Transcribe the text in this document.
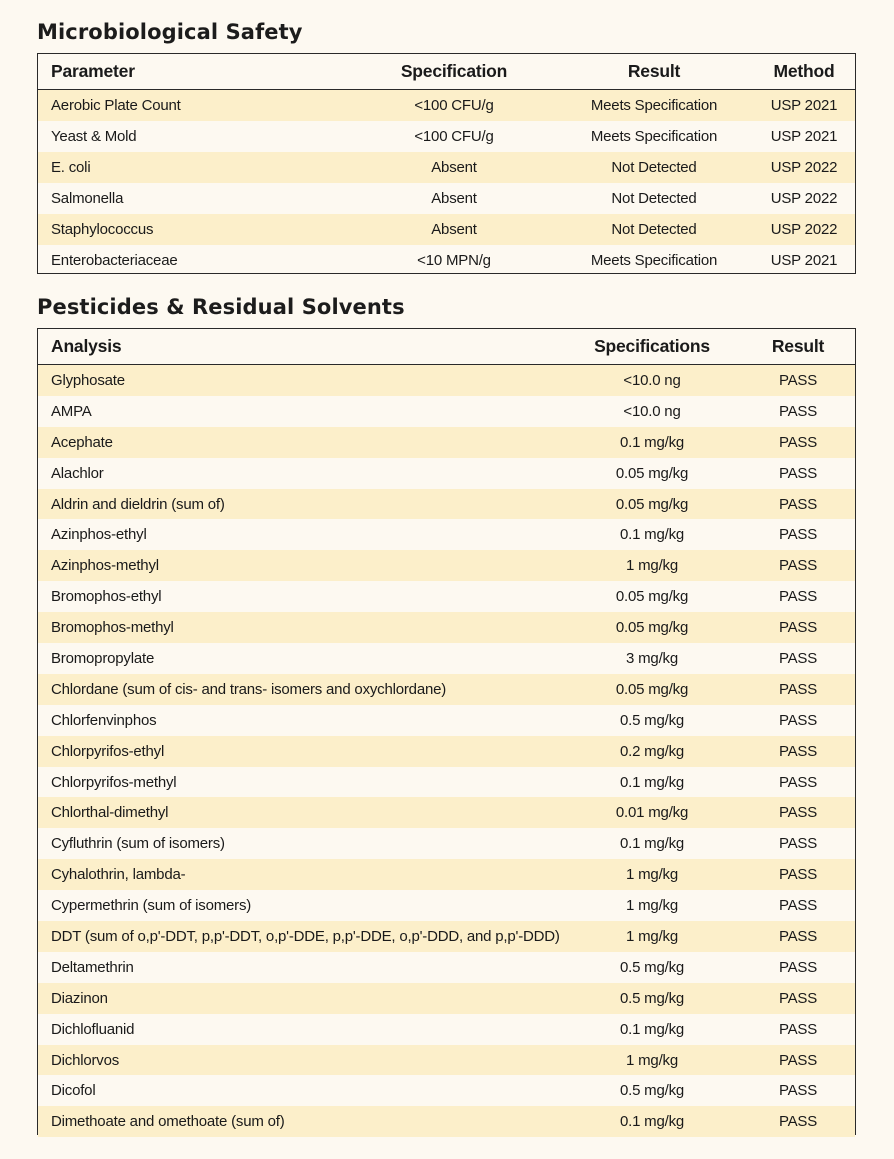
Microbiological Safety
Parameter	Specification	Result	Method
Aerobic Plate Count	<100 CFU/g	Meets Specification	USP 2021
Yeast & Mold	<100 CFU/g	Meets Specification	USP 2021
E. coli	Absent	Not Detected	USP 2022
Salmonella	Absent	Not Detected	USP 2022
Staphylococcus	Absent	Not Detected	USP 2022
Enterobacteriaceae	<10 MPN/g	Meets Specification	USP 2021
Pesticides & Residual Solvents
Analysis	Specifications	Result
Glyphosate	<10.0 ng	PASS
AMPA	<10.0 ng	PASS
Acephate	0.1 mg/kg	PASS
Alachlor	0.05 mg/kg	PASS
Aldrin and dieldrin (sum of)	0.05 mg/kg	PASS
Azinphos-ethyl	0.1 mg/kg	PASS
Azinphos-methyl	1 mg/kg	PASS
Bromophos-ethyl	0.05 mg/kg	PASS
Bromophos-methyl	0.05 mg/kg	PASS
Bromopropylate	3 mg/kg	PASS
Chlordane (sum of cis- and trans- isomers and oxychlordane)	0.05 mg/kg	PASS
Chlorfenvinphos	0.5 mg/kg	PASS
Chlorpyrifos-ethyl	0.2 mg/kg	PASS
Chlorpyrifos-methyl	0.1 mg/kg	PASS
Chlorthal-dimethyl	0.01 mg/kg	PASS
Cyfluthrin (sum of isomers)	0.1 mg/kg	PASS
Cyhalothrin, lambda-	1 mg/kg	PASS
Cypermethrin (sum of isomers)	1 mg/kg	PASS
DDT (sum of o,p'-DDT, p,p'-DDT, o,p'-DDE, p,p'-DDE, o,p'-DDD, and p,p'-DDD)	1 mg/kg	PASS
Deltamethrin	0.5 mg/kg	PASS
Diazinon	0.5 mg/kg	PASS
Dichlofluanid	0.1 mg/kg	PASS
Dichlorvos	1 mg/kg	PASS
Dicofol	0.5 mg/kg	PASS
Dimethoate and omethoate (sum of)	0.1 mg/kg	PASS
